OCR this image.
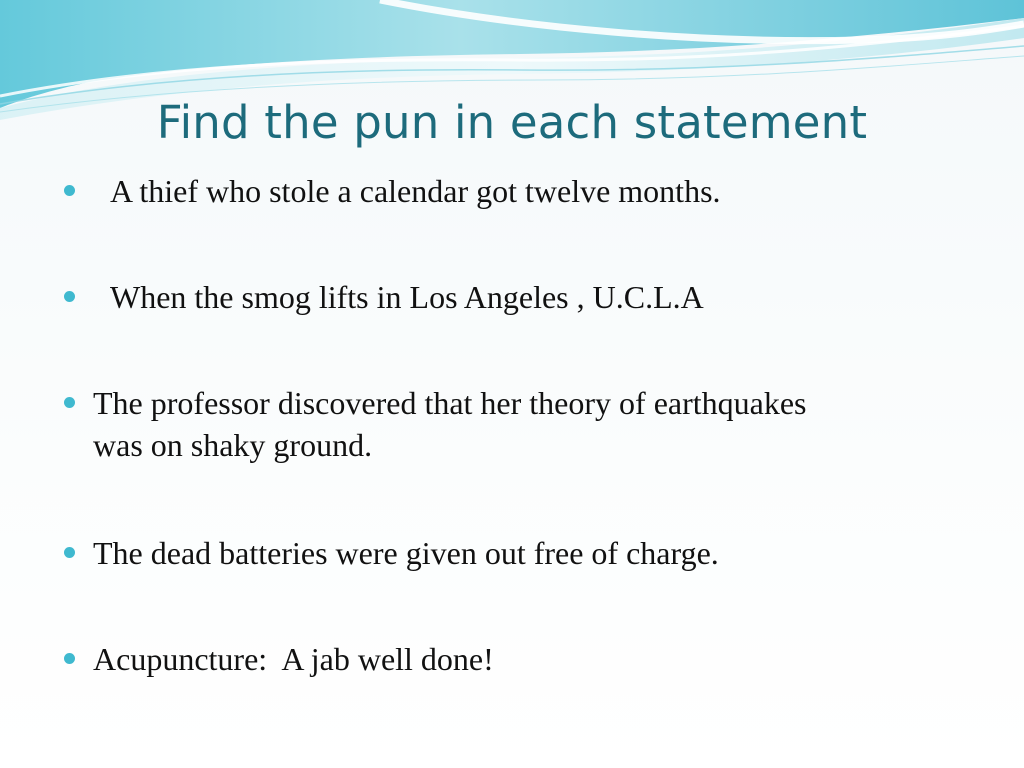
Find the pun in each statement
A thief who stole a calendar got twelve months.
When the smog lifts in Los Angeles , U.C.L.A
The professor discovered that her theory of earthquakes was on shaky ground.
The dead batteries were given out free of charge.
Acupuncture:  A jab well done!
